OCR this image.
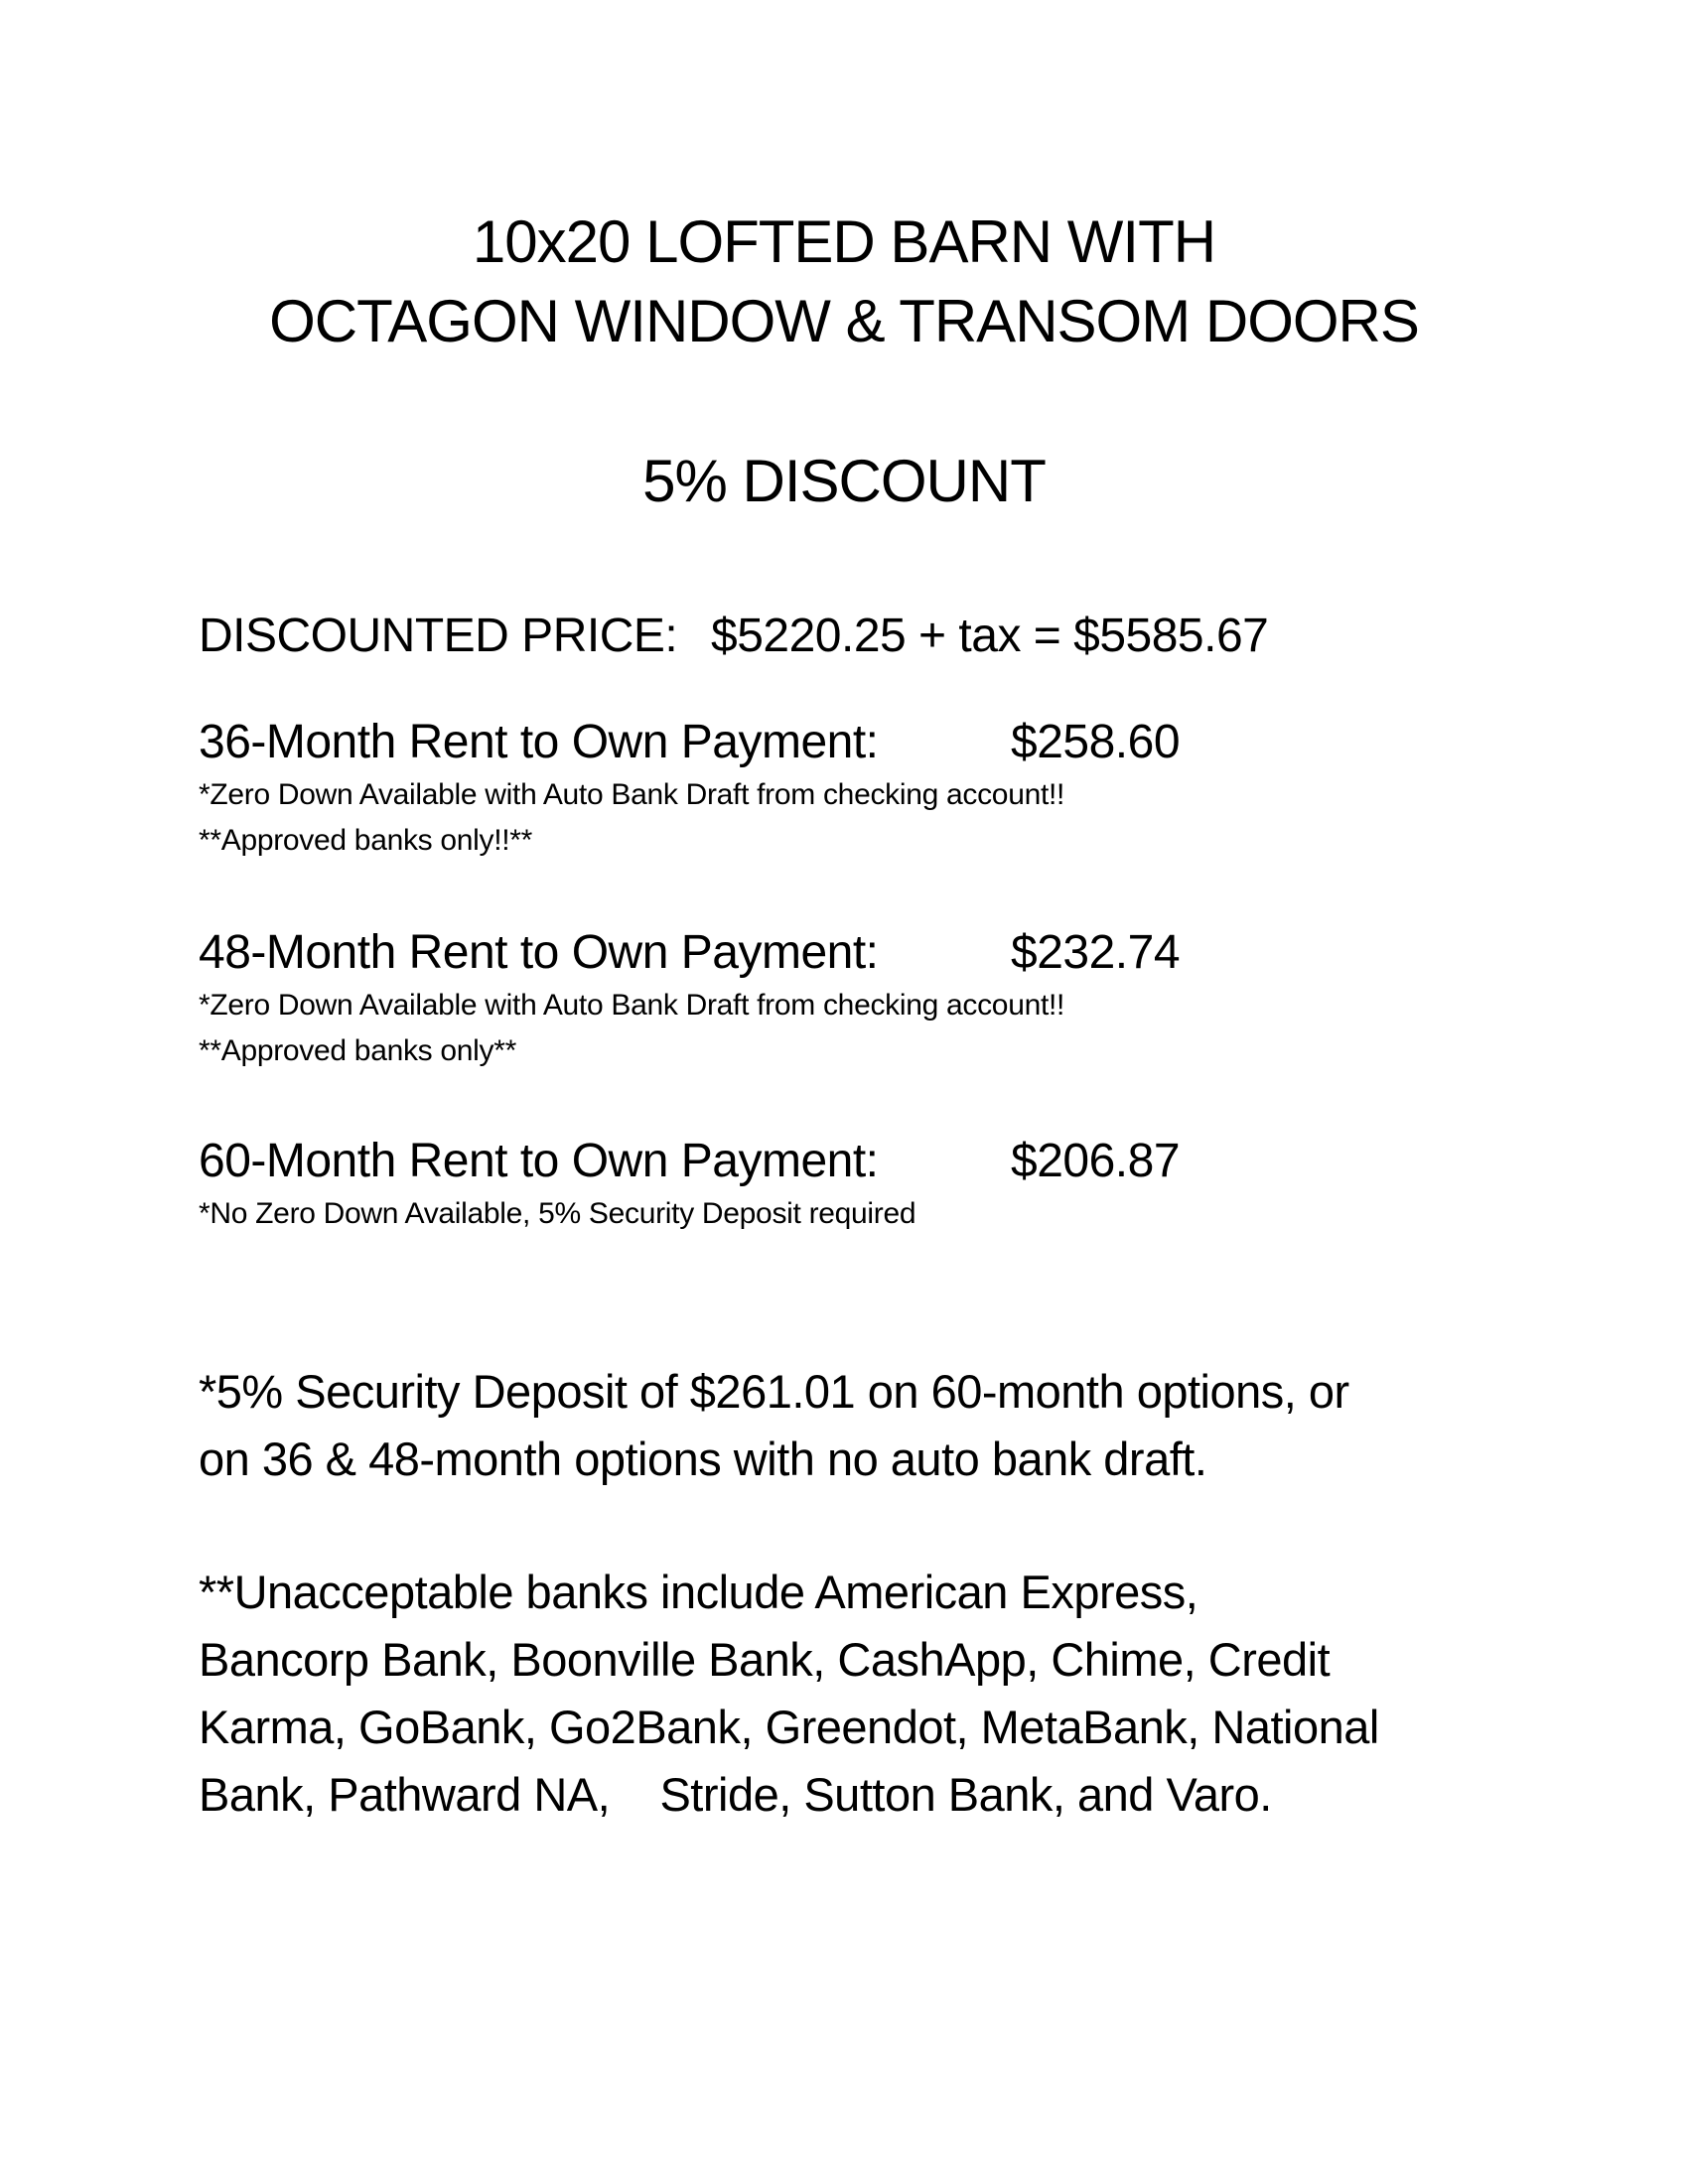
10x20 LOFTED BARN WITH
OCTAGON WINDOW & TRANSOM DOORS
5% DISCOUNT
DISCOUNTED PRICE: $5220.25 + tax = $5585.67
36-Month Rent to Own Payment:	$258.60
*Zero Down Available with Auto Bank Draft from checking account!!
**Approved banks only!!**
48-Month Rent to Own Payment:	$232.74
*Zero Down Available with Auto Bank Draft from checking account!!
**Approved banks only**
60-Month Rent to Own Payment:	$206.87
*No Zero Down Available, 5% Security Deposit required
*5% Security Deposit of $261.01 on 60-month options, or
on 36 & 48-month options with no auto bank draft.
**Unacceptable banks include American Express,
Bancorp Bank, Boonville Bank, CashApp, Chime, Credit
Karma, GoBank, Go2Bank, Greendot, MetaBank, National
Bank, Pathward NA,    Stride, Sutton Bank, and Varo.
